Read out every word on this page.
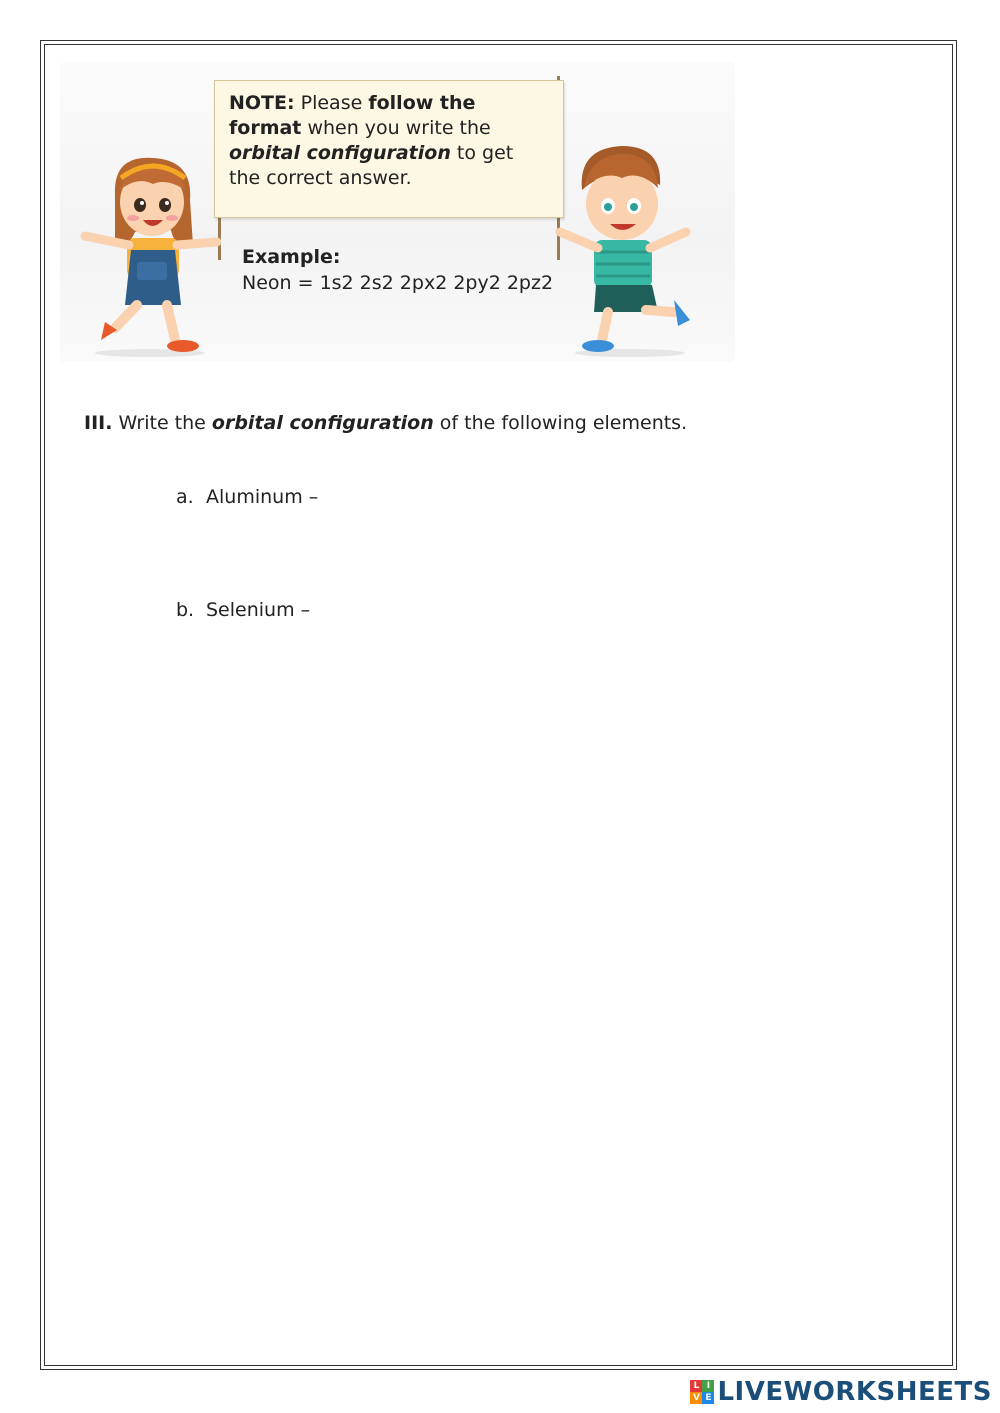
NOTE: Please follow the format when you write the orbital configuration to get the correct answer.
Example:
Neon = 1s2 2s2 2px2 2py2 2pz2
III. Write the orbital configuration of the following elements.
a. Aluminum –
b. Selenium –
L I
V E LIVEWORKSHEETS
